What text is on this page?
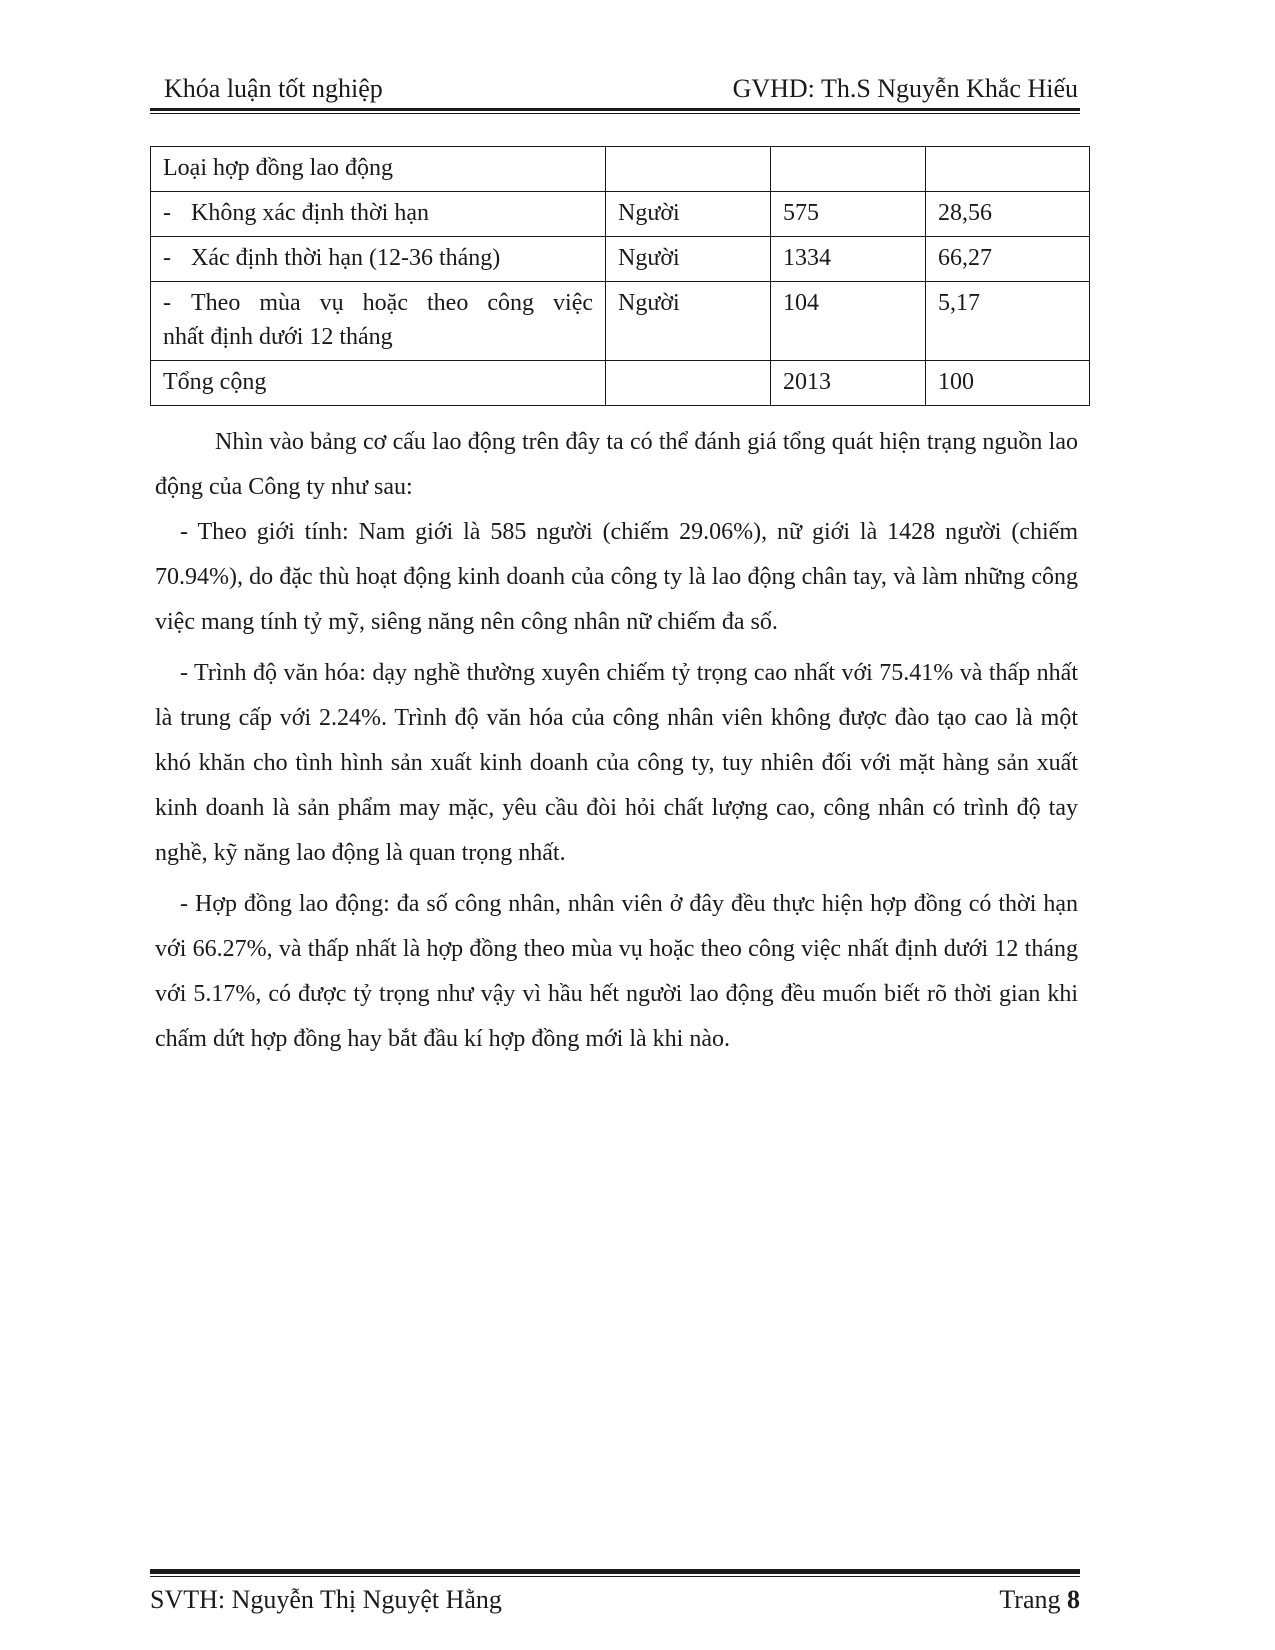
Khóa luận tốt nghiệp	GVHD: Th.S Nguyễn Khắc Hiếu
Loại hợp đồng lao động			
- Không xác định thời hạn	Người	575	28,56
- Xác định thời hạn (12-36 tháng)	Người	1334	66,27

- Theo mùa vụ hoặc theo công việc
nhất định dưới 12 tháng	Người	104	5,17
Tổng cộng		2013	100

Nhìn vào bảng cơ cấu lao động trên đây ta có thể đánh giá tổng quát hiện trạng nguồn lao động của Công ty như sau:

- Theo giới tính: Nam giới là 585 người (chiếm 29.06%), nữ giới là 1428 người (chiếm 70.94%), do đặc thù hoạt động kinh doanh của công ty là lao động chân tay, và làm những công việc mang tính tỷ mỹ, siêng năng nên công nhân nữ chiếm đa số.

- Trình độ văn hóa: dạy nghề thường xuyên chiếm tỷ trọng cao nhất với 75.41% và thấp nhất là trung cấp với 2.24%. Trình độ văn hóa của công nhân viên không được đào tạo cao là một khó khăn cho tình hình sản xuất kinh doanh của công ty, tuy nhiên đối với mặt hàng sản xuất kinh doanh là sản phẩm may mặc, yêu cầu đòi hỏi chất lượng cao, công nhân có trình độ tay nghề, kỹ năng lao động là quan trọng nhất.

- Hợp đồng lao động: đa số công nhân, nhân viên ở đây đều thực hiện hợp đồng có thời hạn với 66.27%, và thấp nhất là hợp đồng theo mùa vụ hoặc theo công việc nhất định dưới 12 tháng với 5.17%, có được tỷ trọng như vậy vì hầu hết người lao động đều muốn biết rõ thời gian khi chấm dứt hợp đồng hay bắt đầu kí hợp đồng mới là khi nào.

SVTH: Nguyễn Thị Nguyệt Hằng	Trang 8
